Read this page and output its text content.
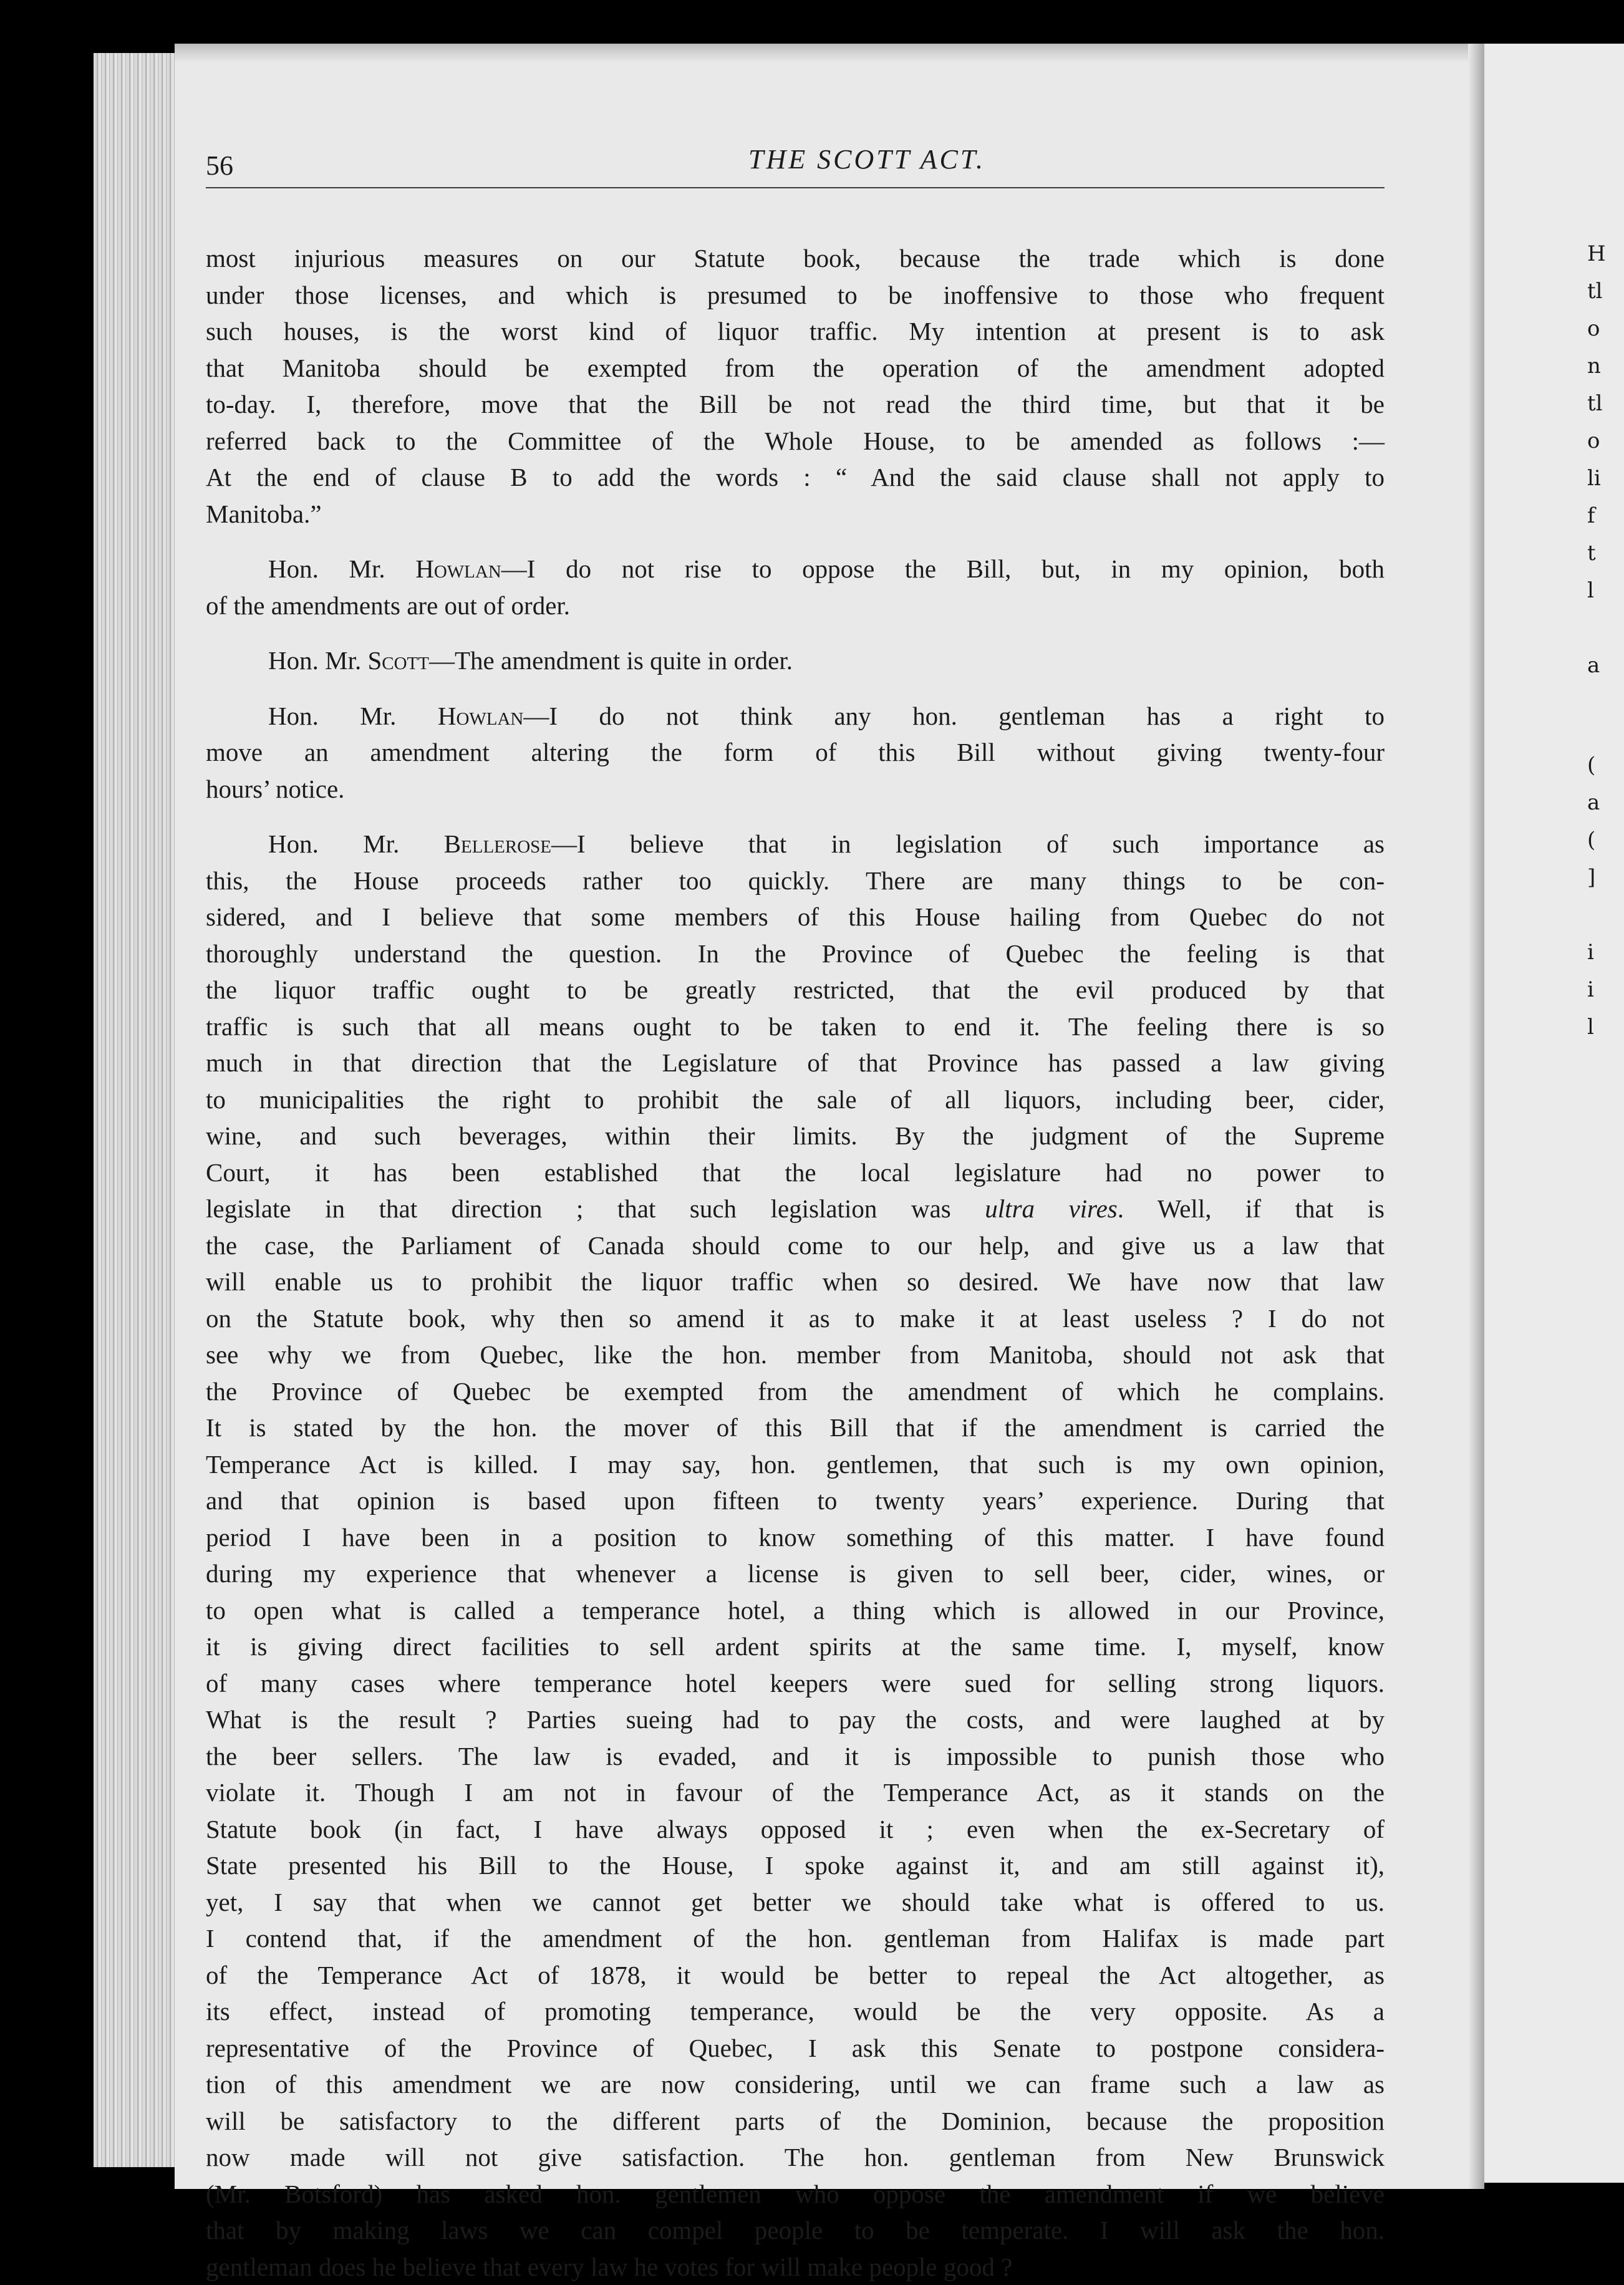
H
tl
o
n
tl
o
li
f
t
l
a
(
a
(
]
i
i
l
56	THE SCOTT ACT.
most injurious measures on our Statute book, because the trade which is done
under those licenses, and which is presumed to be inoffensive to those who frequent
such houses, is the worst kind of liquor traffic. My intention at present is to ask
that Manitoba should be exempted from the operation of the amendment adopted
to-day. I, therefore, move that the Bill be not read the third time, but that it be
referred back to the Committee of the Whole House, to be amended as follows :—
At the end of clause B to add the words : “ And the said clause shall not apply to
Manitoba.”
Hon. Mr. Howlan—I do not rise to oppose the Bill, but, in my opinion, both
of the amendments are out of order.
Hon. Mr. Scott—The amendment is quite in order.
Hon. Mr. Howlan—I do not think any hon. gentleman has a right to
move an amendment altering the form of this Bill without giving twenty-four
hours’ notice.
Hon. Mr. Bellerose—I believe that in legislation of such importance as
this, the House proceeds rather too quickly. There are many things to be con-
sidered, and I believe that some members of this House hailing from Quebec do not
thoroughly understand the question. In the Province of Quebec the feeling is that
the liquor traffic ought to be greatly restricted, that the evil produced by that
traffic is such that all means ought to be taken to end it. The feeling there is so
much in that direction that the Legislature of that Province has passed a law giving
to municipalities the right to prohibit the sale of all liquors, including beer, cider,
wine, and such beverages, within their limits. By the judgment of the Supreme
Court, it has been established that the local legislature had no power to
legislate in that direction ; that such legislation was ultra vires. Well, if that is
the case, the Parliament of Canada should come to our help, and give us a law that
will enable us to prohibit the liquor traffic when so desired. We have now that law
on the Statute book, why then so amend it as to make it at least useless ? I do not
see why we from Quebec, like the hon. member from Manitoba, should not ask that
the Province of Quebec be exempted from the amendment of which he complains.
It is stated by the hon. the mover of this Bill that if the amendment is carried the
Temperance Act is killed. I may say, hon. gentlemen, that such is my own opinion,
and that opinion is based upon fifteen to twenty years’ experience. During that
period I have been in a position to know something of this matter. I have found
during my experience that whenever a license is given to sell beer, cider, wines, or
to open what is called a temperance hotel, a thing which is allowed in our Province,
it is giving direct facilities to sell ardent spirits at the same time. I, myself, know
of many cases where temperance hotel keepers were sued for selling strong liquors.
What is the result ? Parties sueing had to pay the costs, and were laughed at by
the beer sellers. The law is evaded, and it is impossible to punish those who
violate it. Though I am not in favour of the Temperance Act, as it stands on the
Statute book (in fact, I have always opposed it ; even when the ex-Secretary of
State presented his Bill to the House, I spoke against it, and am still against it),
yet, I say that when we cannot get better we should take what is offered to us.
I contend that, if the amendment of the hon. gentleman from Halifax is made part
of the Temperance Act of 1878, it would be better to repeal the Act altogether, as
its effect, instead of promoting temperance, would be the very opposite. As a
representative of the Province of Quebec, I ask this Senate to postpone considera-
tion of this amendment we are now considering, until we can frame such a law as
will be satisfactory to the different parts of the Dominion, because the proposition
now made will not give satisfaction. The hon. gentleman from New Brunswick
(Mr. Botsford) has asked hon. gentlemen who oppose the amendment if we believe
that by making laws we can compel people to be temperate. I will ask the hon.
gentleman does he believe that every law he votes for will make people good ?
